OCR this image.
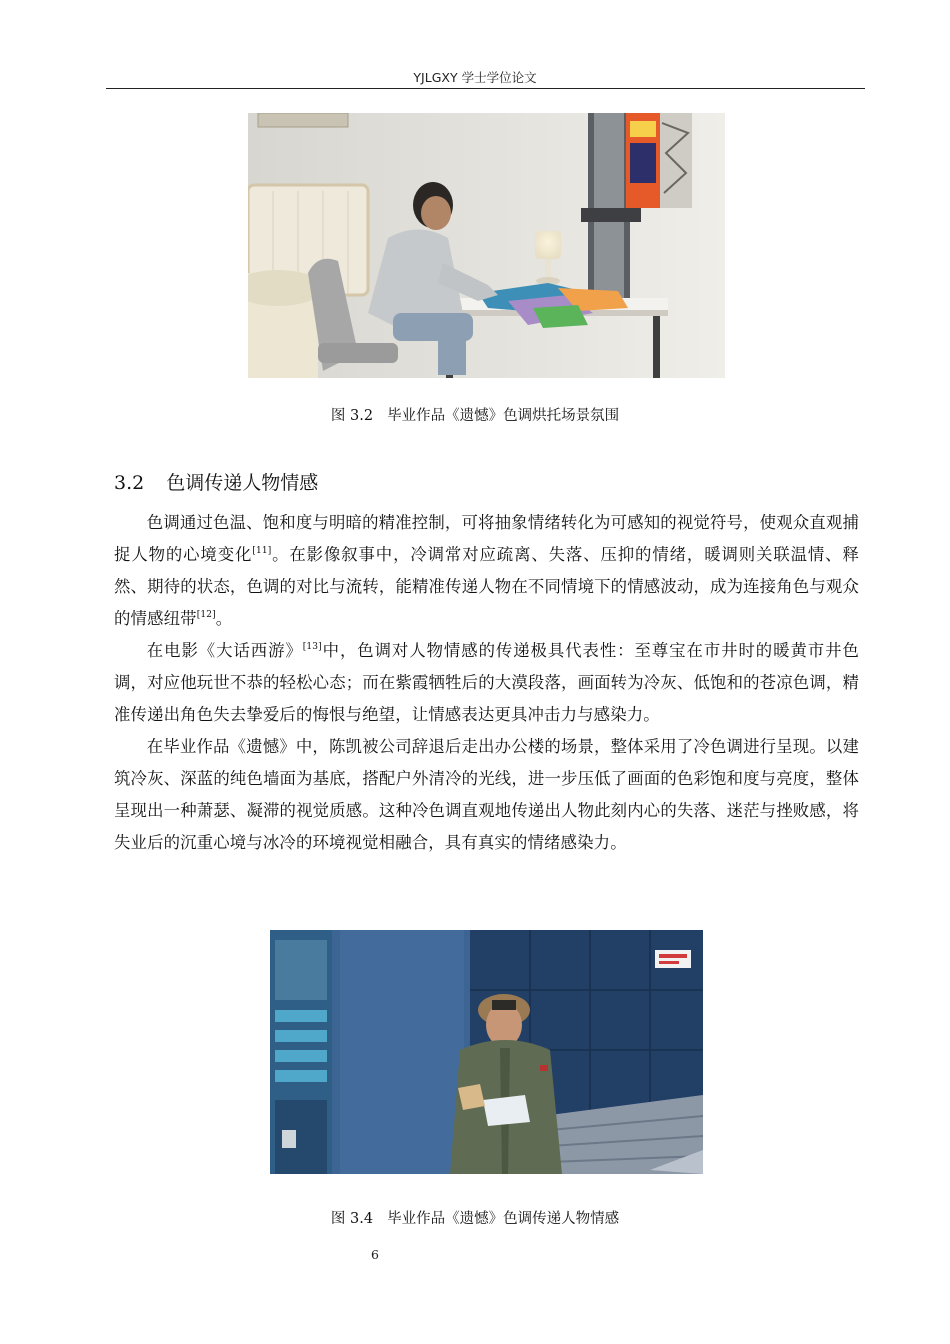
YJLGXY 学士学位论文
图 3.2 毕业作品《遗憾》色调烘托场景氛围
3.2 色调传递人物情感

色调通过色温、饱和度与明暗的精准控制，可将抽象情绪转化为可感知的视觉符号，使观众直观捕捉人物的心境变化[11]。在影像叙事中，冷调常对应疏离、失落、压抑的情绪，暖调则关联温情、释然、期待的状态，色调的对比与流转，能精准传递人物在不同情境下的情感波动，成为连接角色与观众的情感纽带[12]。

在电影《大话西游》[13]中，色调对人物情感的传递极具代表性：至尊宝在市井时的暖黄市井色调，对应他玩世不恭的轻松心态；而在紫霞牺牲后的大漠段落，画面转为冷灰、低饱和的苍凉色调，精准传递出角色失去挚爱后的悔恨与绝望，让情感表达更具冲击力与感染力。

在毕业作品《遗憾》中，陈凯被公司辞退后走出办公楼的场景，整体采用了冷色调进行呈现。以建筑冷灰、深蓝的纯色墙面为基底，搭配户外清冷的光线，进一步压低了画面的色彩饱和度与亮度，整体呈现出一种萧瑟、凝滞的视觉质感。这种冷色调直观地传递出人物此刻内心的失落、迷茫与挫败感，将失业后的沉重心境与冰冷的环境视觉相融合，具有真实的情绪感染力。

图 3.4 毕业作品《遗憾》色调传递人物情感
6
